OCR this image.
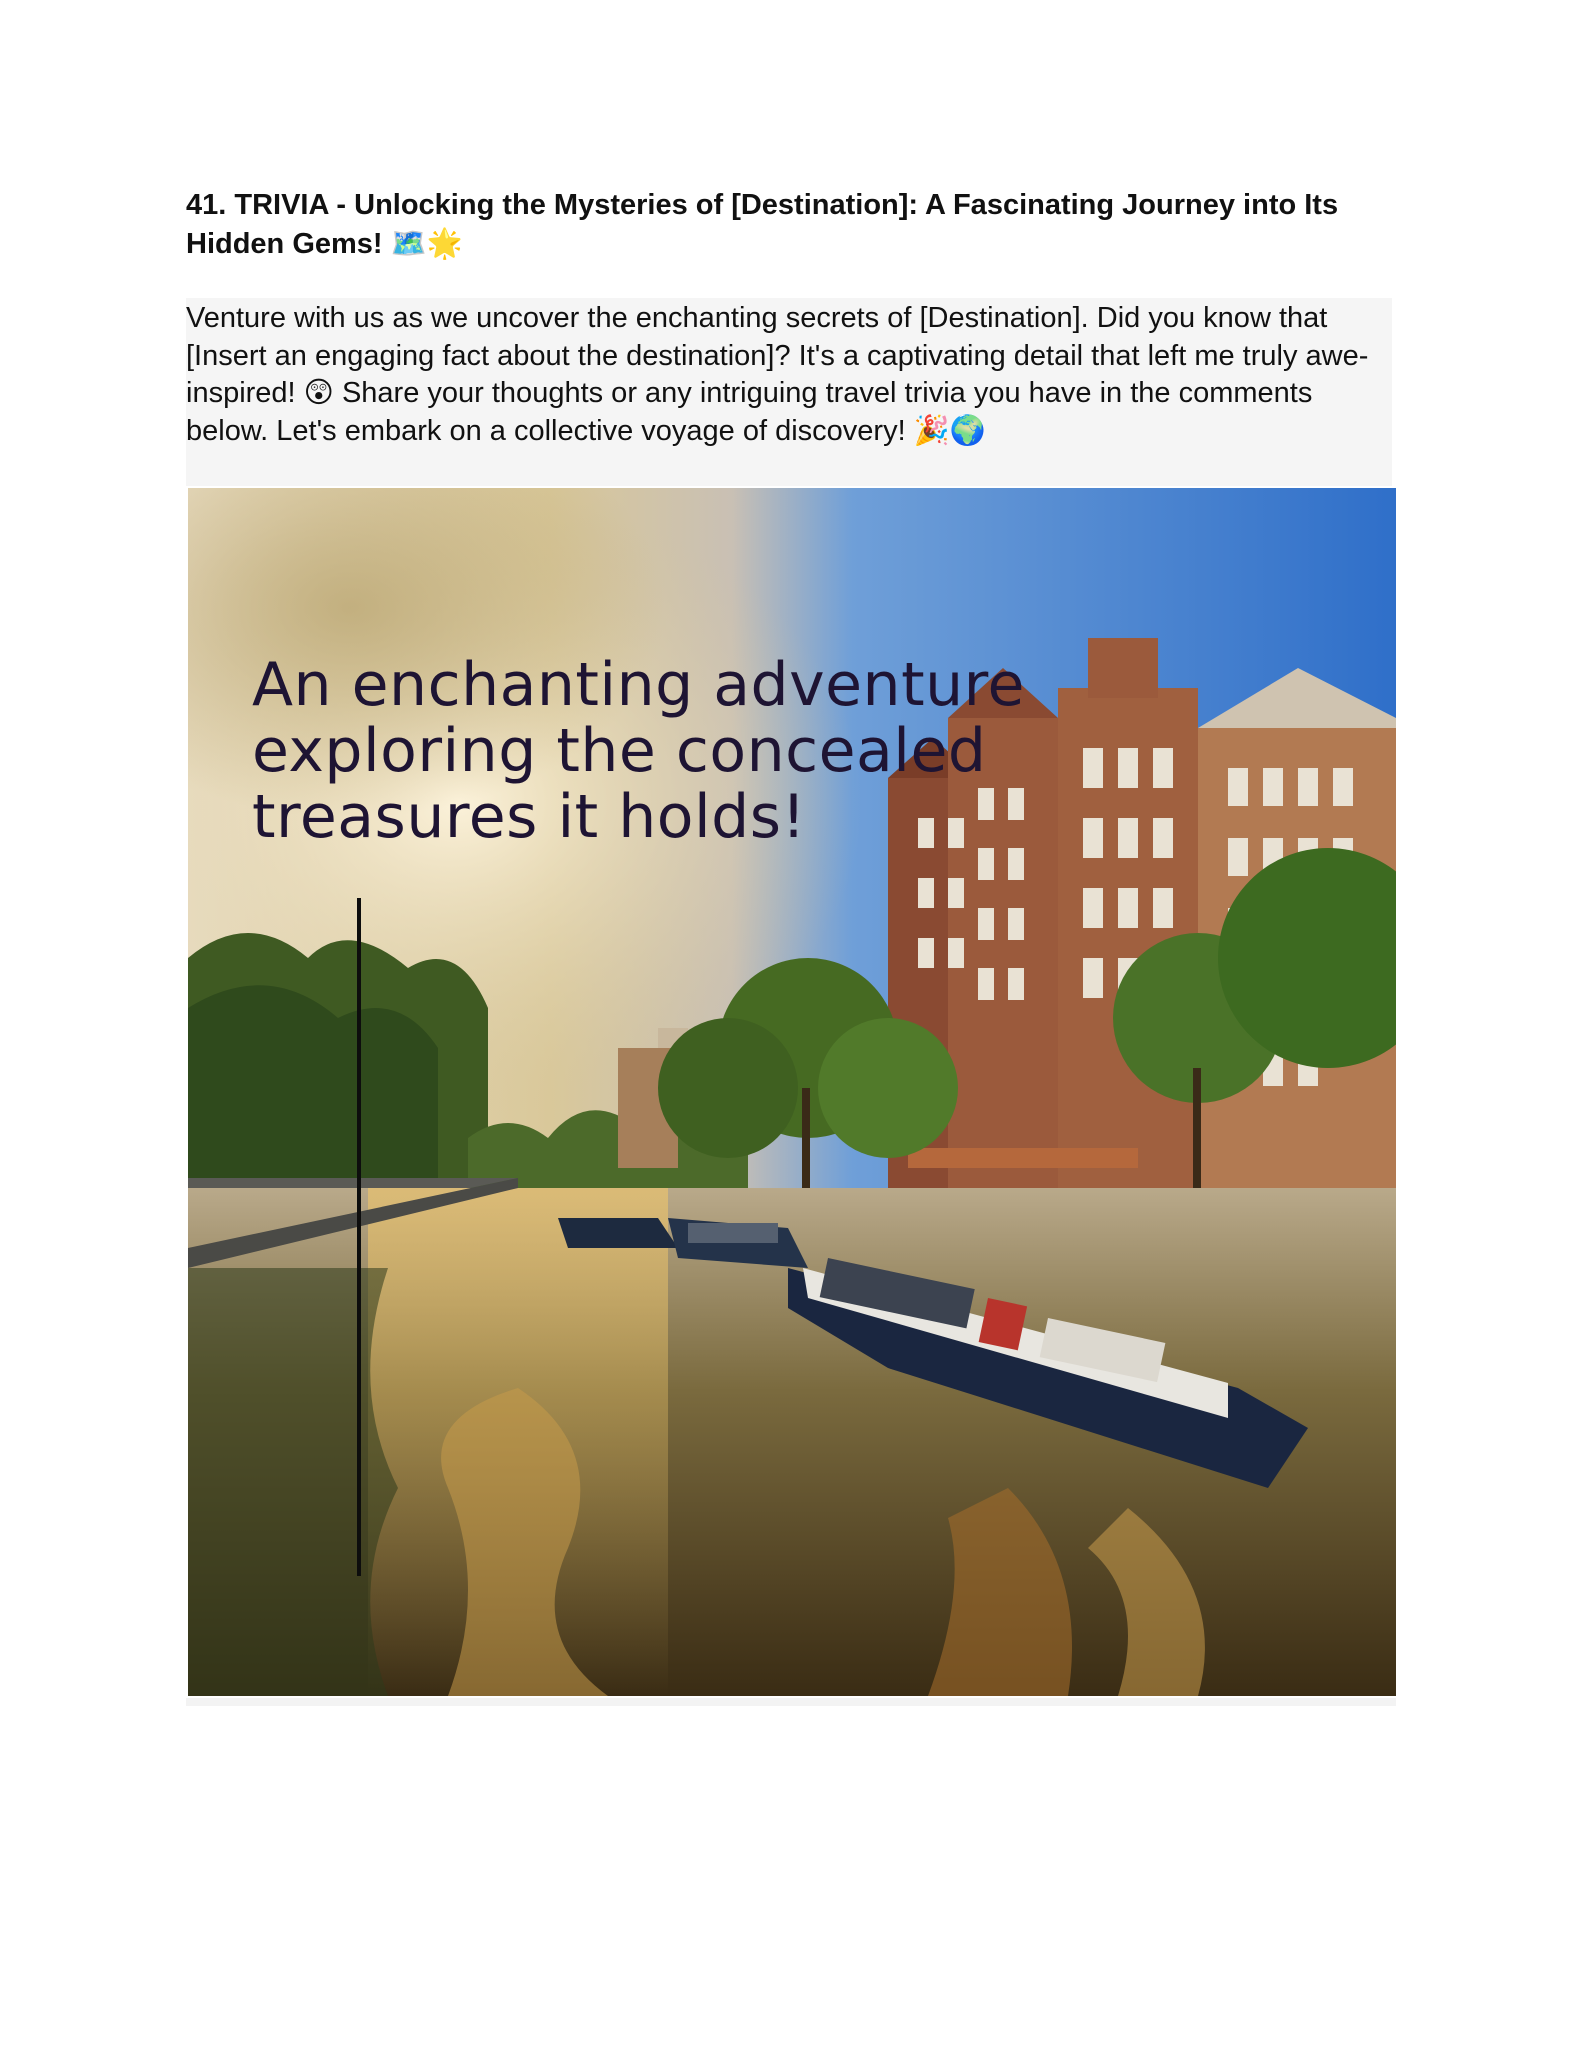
41. TRIVIA - Unlocking the Mysteries of [Destination]: A Fascinating Journey into Its Hidden Gems! 🗺️🌟
Venture with us as we uncover the enchanting secrets of [Destination]. Did you know that [Insert an engaging fact about the destination]? It's a captivating detail that left me truly awe-inspired! 😲 Share your thoughts or any intriguing travel trivia you have in the comments below. Let's embark on a collective voyage of discovery! 🎉🌍
An enchanting adventure
exploring the concealed
treasures it holds!
